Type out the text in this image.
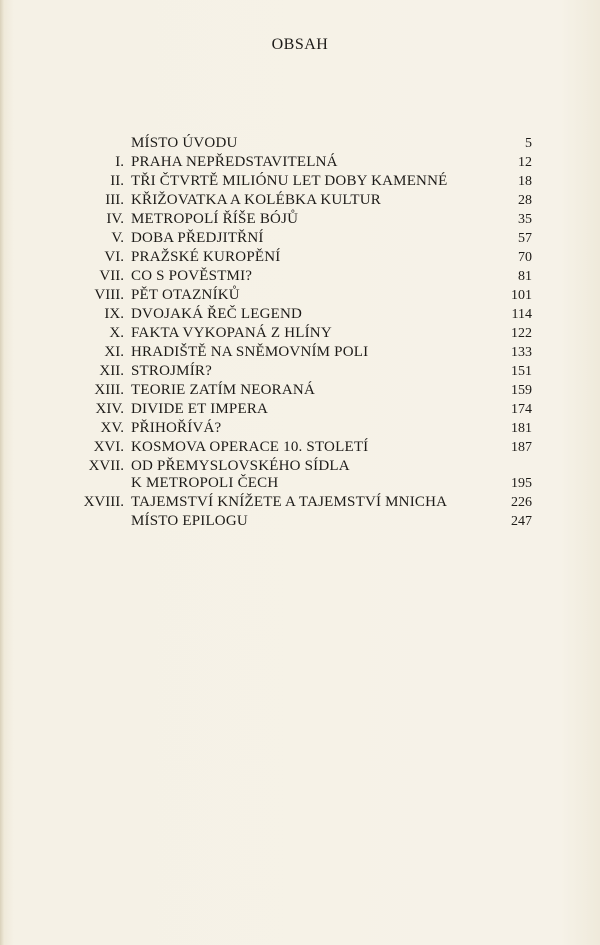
OBSAH
MÍSTO ÚVODU	5
I. PRAHA NEPŘEDSTAVITELNÁ	12
II. TŘI ČTVRTĚ MILIÓNU LET DOBY KAMENNÉ	18
III. KŘIŽOVATKA A KOLÉBKA KULTUR	28
IV. METROPOLÍ ŘÍŠE BÓJŮ	35
V. DOBA PŘEDJITŘNÍ	57
VI. PRAŽSKÉ KUROPĚNÍ	70
VII. CO S POVĚSTMI?	81
VIII. PĚT OTAZNÍKŮ	101
IX. DVOJAKÁ ŘEČ LEGEND	114
X. FAKTA VYKOPANÁ Z HLÍNY	122
XI. HRADIŠTĚ NA SNĚMOVNÍM POLI	133
XII. STROJMÍR?	151
XIII. TEORIE ZATÍM NEORANÁ	159
XIV. DIVIDE ET IMPERA	174
XV. PŘIHOŘÍVÁ?	181
XVI. KOSMOVA OPERACE 10. STOLETÍ	187
XVII. OD PŘEMYSLOVSKÉHO SÍDLA
K METROPOLI ČECH	195
XVIII. TAJEMSTVÍ KNÍŽETE A TAJEMSTVÍ MNICHA	226
MÍSTO EPILOGU	247
